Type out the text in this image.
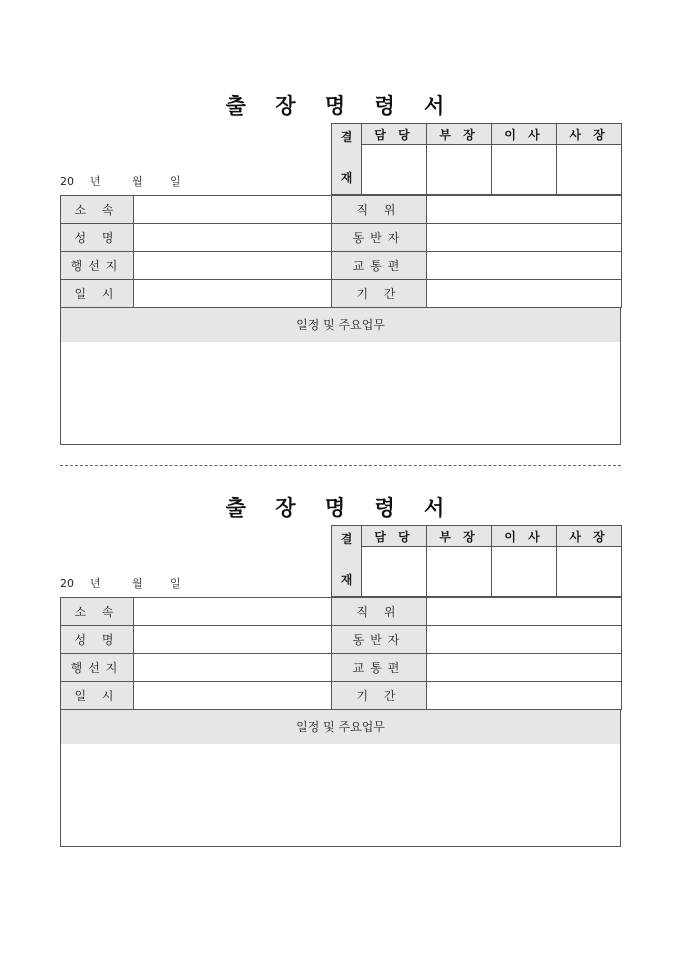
출 장 명 령 서
결	담 당	부 장	이 사	사 장
재				
20 년	월 일
소 속		직 위	
성 명		동반자	
행선지		교통편	
일 시		기 간	
일정 및 주요업무
출 장 명 령 서
결	담 당	부 장	이 사	사 장
재				
20 년	월 일
소 속		직 위	
성 명		동반자	
행선지		교통편	
일 시		기 간	
일정 및 주요업무
